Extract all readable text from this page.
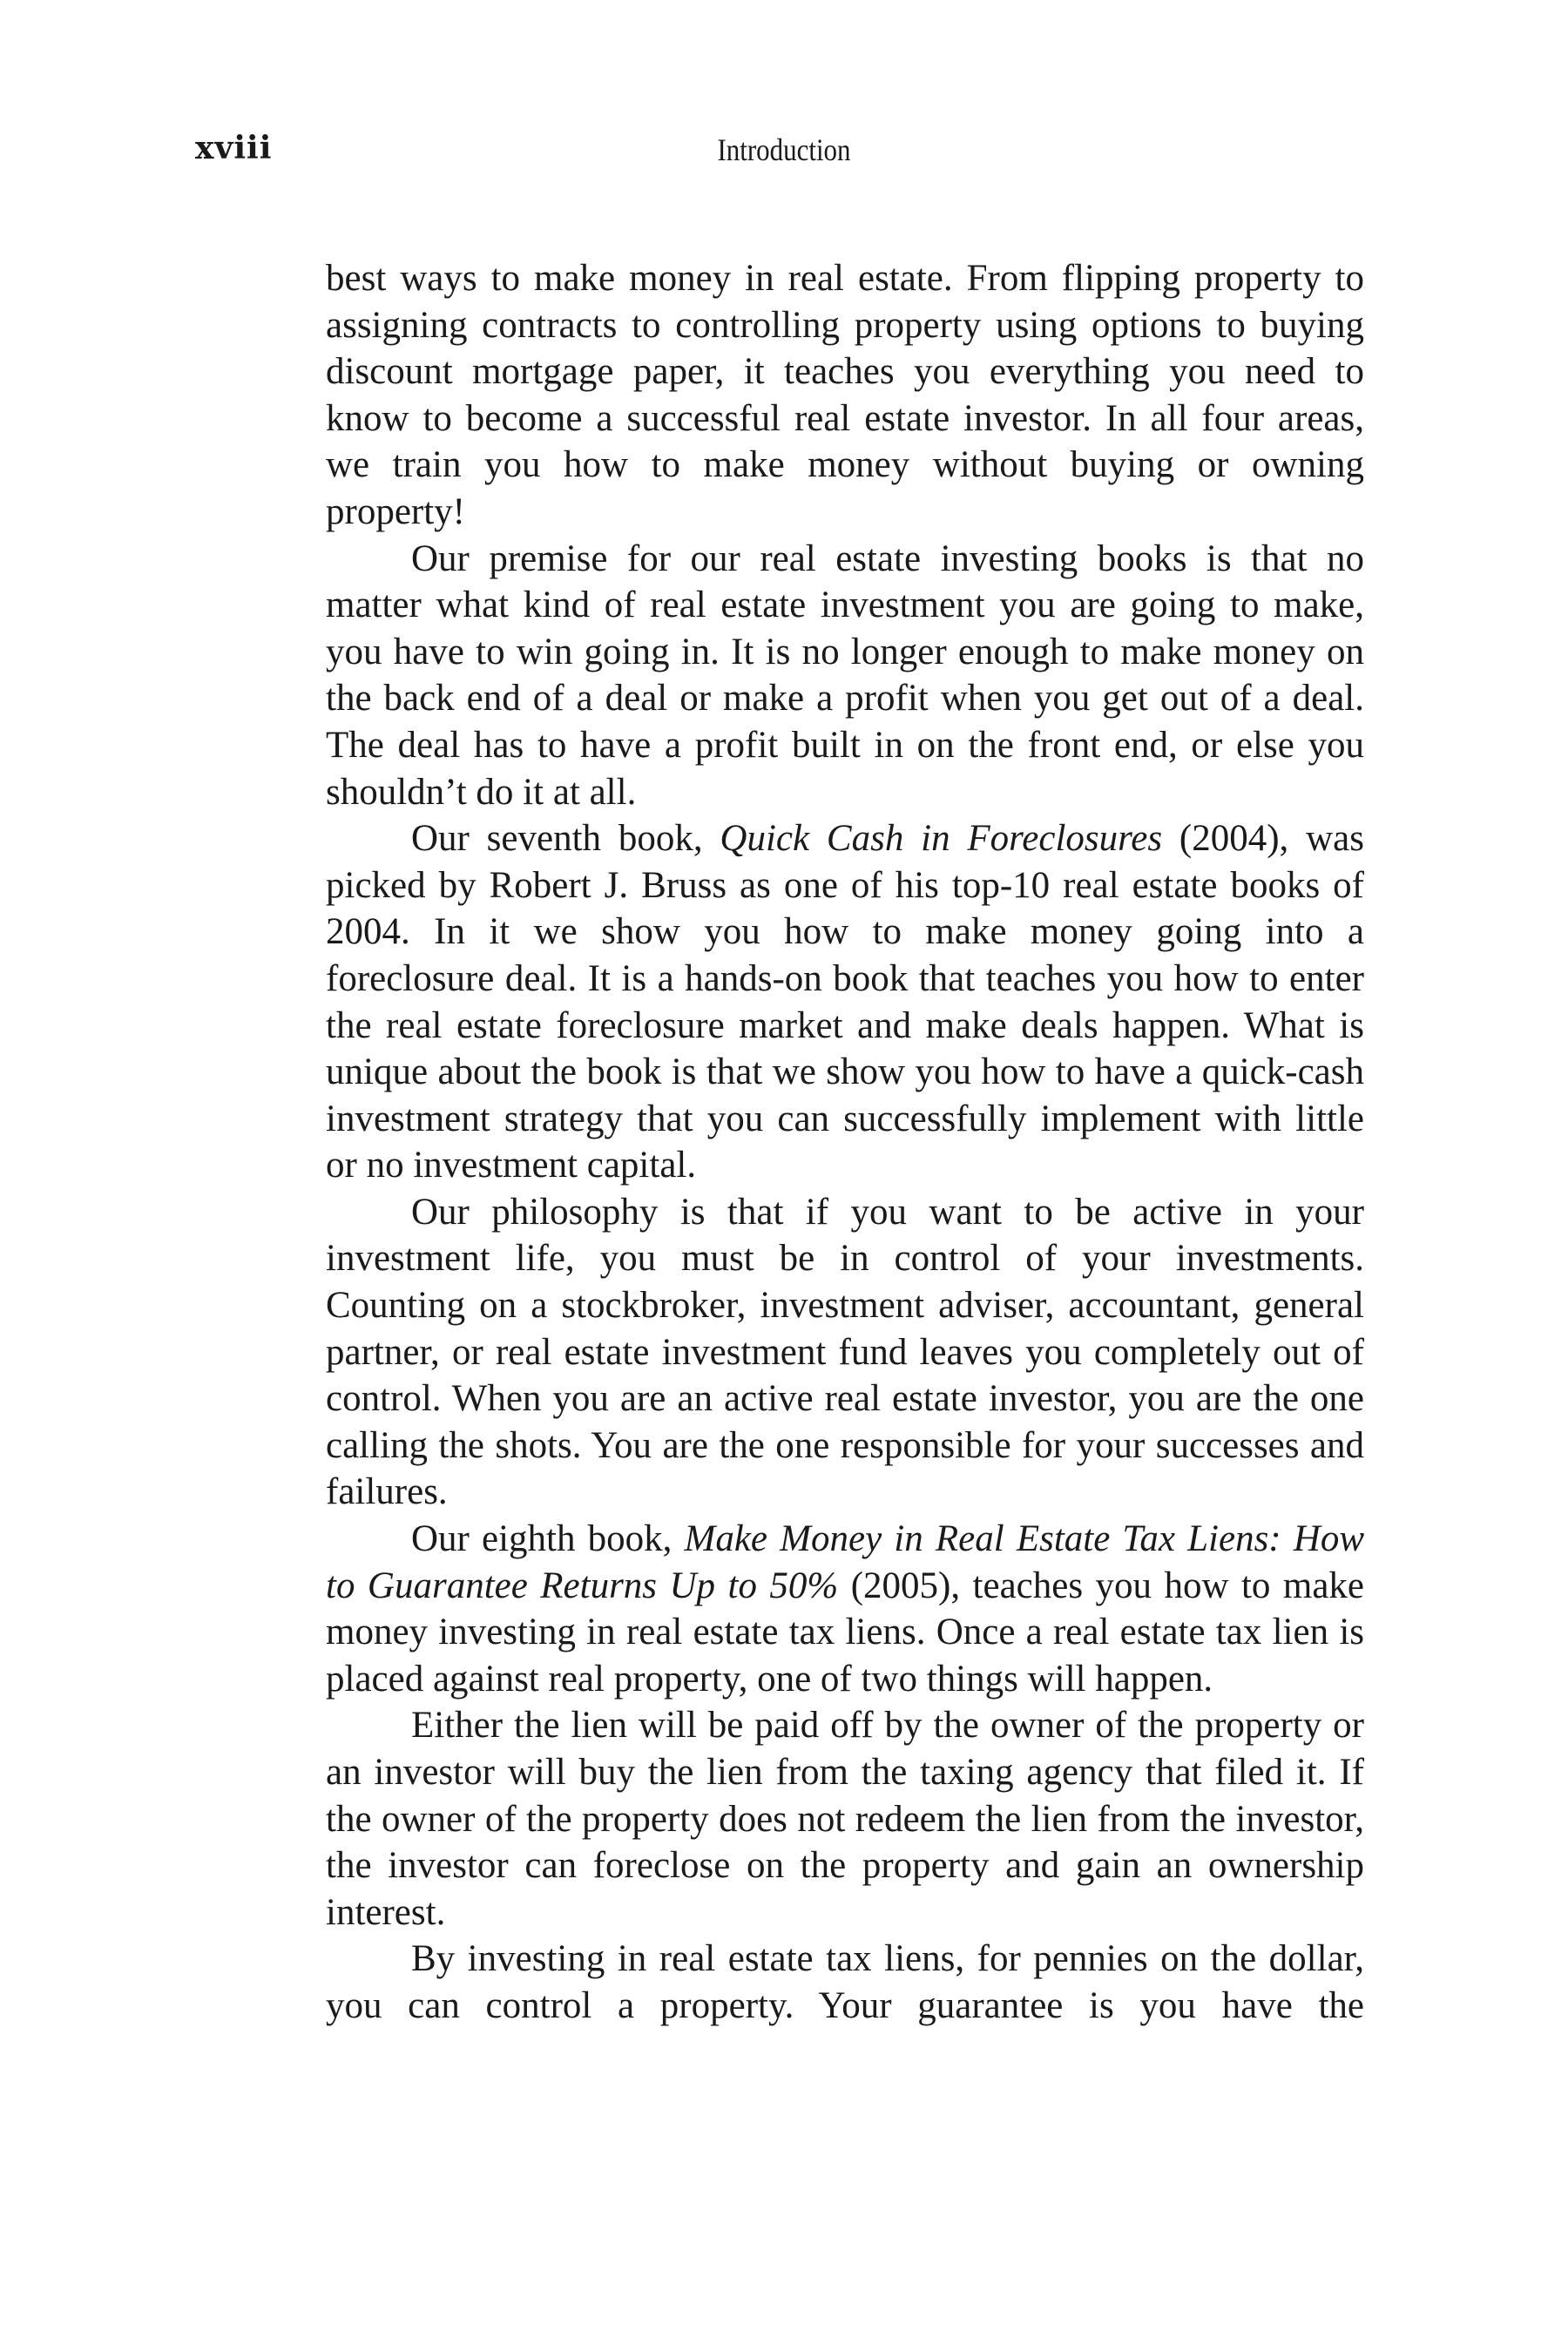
xviii	Introduction

best ways to make money in real estate. From flipping property to assigning contracts to controlling property using options to buying discount mortgage paper, it teaches you everything you need to know to become a successful real estate investor. In all four areas, we train you how to make money without buying or owning property!

Our premise for our real estate investing books is that no matter what kind of real estate investment you are going to make, you have to win going in. It is no longer enough to make money on the back end of a deal or make a profit when you get out of a deal. The deal has to have a profit built in on the front end, or else you shouldn’t do it at all.

Our seventh book, Quick Cash in Foreclosures (2004), was picked by Robert J. Bruss as one of his top-10 real estate books of 2004. In it we show you how to make money going into a foreclosure deal. It is a hands-on book that teaches you how to enter the real estate foreclosure market and make deals happen. What is unique about the book is that we show you how to have a quick-cash investment strategy that you can successfully implement with little or no investment capital.

Our philosophy is that if you want to be active in your investment life, you must be in control of your investments. Counting on a stockbroker, investment adviser, accountant, general partner, or real estate investment fund leaves you completely out of control. When you are an active real estate investor, you are the one calling the shots. You are the one responsible for your successes and failures.

Our eighth book, Make Money in Real Estate Tax Liens: How to Guarantee Returns Up to 50% (2005), teaches you how to make money investing in real estate tax liens. Once a real estate tax lien is placed against real property, one of two things will happen.

Either the lien will be paid off by the owner of the property or an investor will buy the lien from the taxing agency that filed it. If the owner of the property does not redeem the lien from the investor, the investor can foreclose on the property and gain an ownership interest.

By investing in real estate tax liens, for pennies on the dollar, you can control a property. Your guarantee is you have the
